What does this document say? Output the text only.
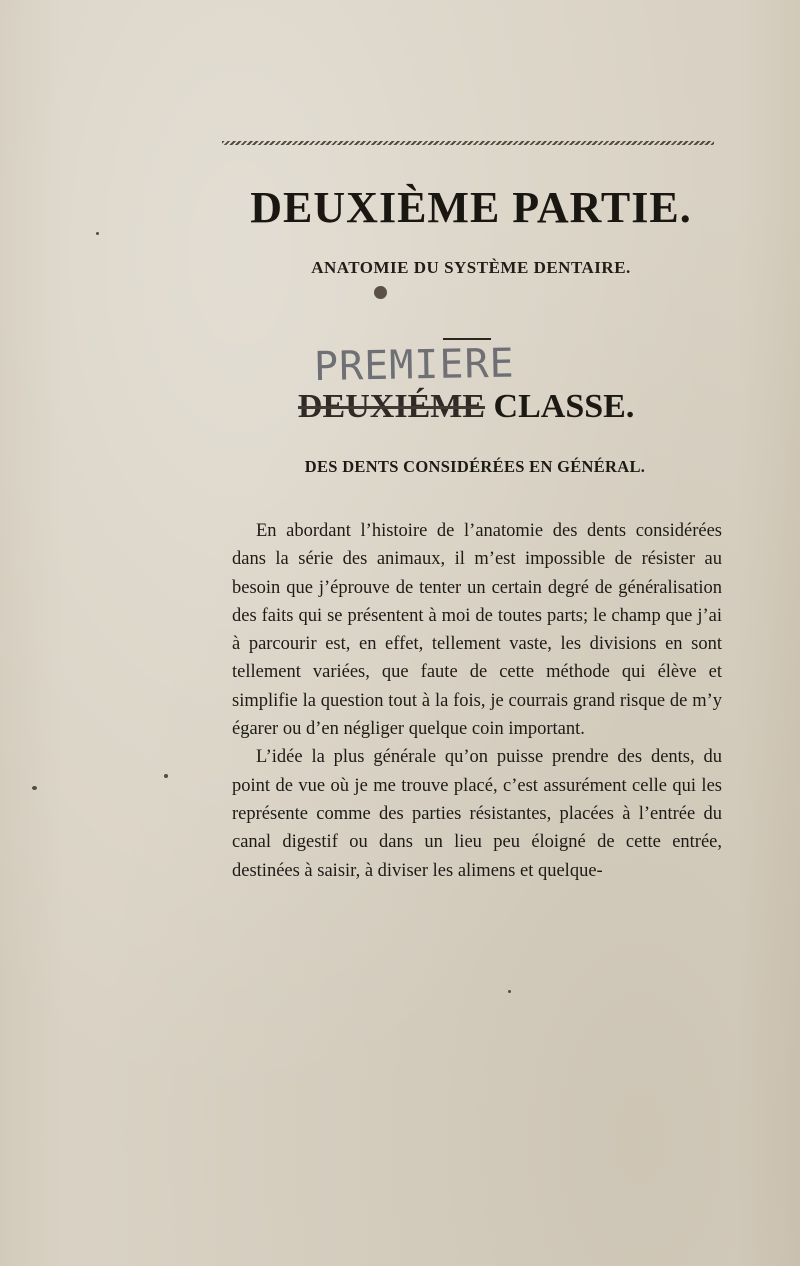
DEUXIÈME PARTIE.
ANATOMIE DU SYSTÈME DENTAIRE.
PREMIERE
DEUXIÉME CLASSE.
DES DENTS CONSIDÉRÉES EN GÉNÉRAL.

En abordant l’histoire de l’anatomie des dents considérées dans la série des animaux, il m’est impossible de résister au besoin que j’éprouve de tenter un certain degré de généralisation des faits qui se présentent à moi de toutes parts; le champ que j’ai à parcourir est, en effet, tellement vaste, les divisions en sont tellement variées, que faute de cette méthode qui élève et simplifie la question tout à la fois, je courrais grand risque de m’y égarer ou d’en négliger quelque coin important.

L’idée la plus générale qu’on puisse prendre des dents, du point de vue où je me trouve placé, c’est assurément celle qui les représente comme des parties résistantes, placées à l’entrée du canal digestif ou dans un lieu peu éloigné de cette entrée, destinées à saisir, à diviser les alimens et quelque-
